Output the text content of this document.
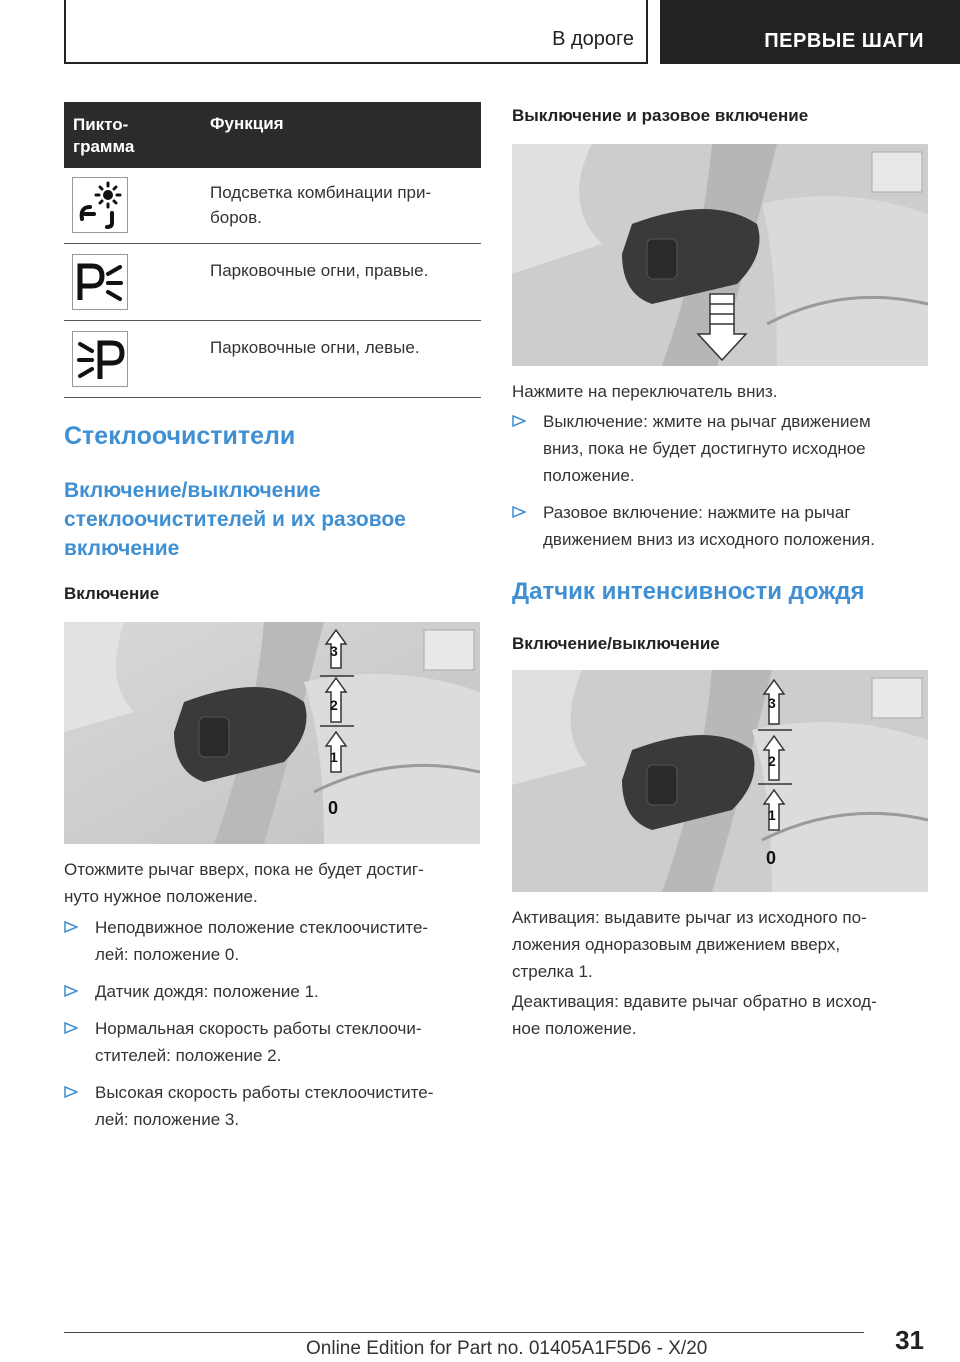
В дороге	ПЕРВЫЕ ШАГИ
Пикто‐
грамма
Функция
Подсветка комбинации при‐
боров.
Парковочные огни, правые.
Парковочные огни, левые.
Стеклоочистители
Включение/выключение
стеклоочистителей и их разовое
включение
Включение
1
2
3
0
Отожмите рычаг вверх, пока не будет достиг‐
нуто нужное положение.
Неподвижное положение стеклоочистите‐
лей: положение 0.
Датчик дождя: положение 1.
Нормальная скорость работы стеклоочи‐
стителей: положение 2.
Высокая скорость работы стеклоочистите‐
лей: положение 3.
Выключение и разовое включение
Нажмите на переключатель вниз.
Выключение: жмите на рычаг движением
вниз, пока не будет достигнуто исходное
положение.
Разовое включение: нажмите на рычаг
движением вниз из исходного положения.
Датчик интенсивности дождя
Включение/выключение
1
2
3
0
Активация: выдавите рычаг из исходного по‐
ложения одноразовым движением вверх,
стрелка 1.
Деактивация: вдавите рычаг обратно в исход‐
ное положение.
31
Online Edition for Part no. 01405A1F5D6 - X/20
